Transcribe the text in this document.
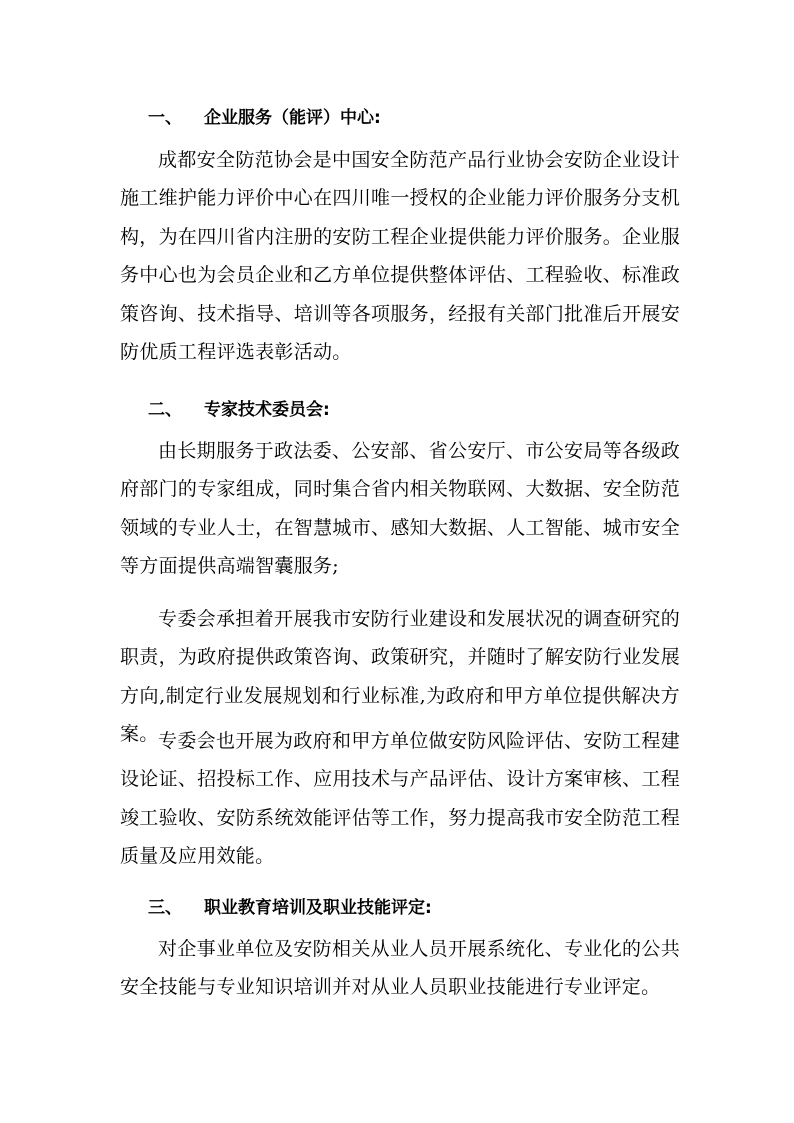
一、 企业服务（能评）中心:
成都安全防范协会是中国安全防范产品行业协会安防企业设计施工维护能力评价中心在四川唯一授权的企业能力评价服务分支机构，为在四川省内注册的安防工程企业提供能力评价服务。企业服务中心也为会员企业和乙方单位提供整体评估、工程验收、标准政策咨询、技术指导、培训等各项服务，经报有关部门批准后开展安防优质工程评选表彰活动。
二、 专家技术委员会:
由长期服务于政法委、公安部、省公安厅、市公安局等各级政府部门的专家组成，同时集合省内相关物联网、大数据、安全防范领域的专业人士，在智慧城市、感知大数据、人工智能、城市安全等方面提供高端智囊服务;
专委会承担着开展我市安防行业建设和发展状况的调查研究的职责，为政府提供政策咨询、政策研究，并随时了解安防行业发展方向,制定行业发展规划和行业标准,为政府和甲方单位提供解决方案。 专委会也开展为政府和甲方单位做安防风险评估、安防工程建设论证、招投标工作、应用技术与产品评估、设计方案审核、工程竣工验收、安防系统效能评估等工作，努力提高我市安全防范工程质量及应用效能。
三、 职业教育培训及职业技能评定:
对企事业单位及安防相关从业人员开展系统化、专业化的公共安全技能与专业知识培训并对从业人员职业技能进行专业评定。
